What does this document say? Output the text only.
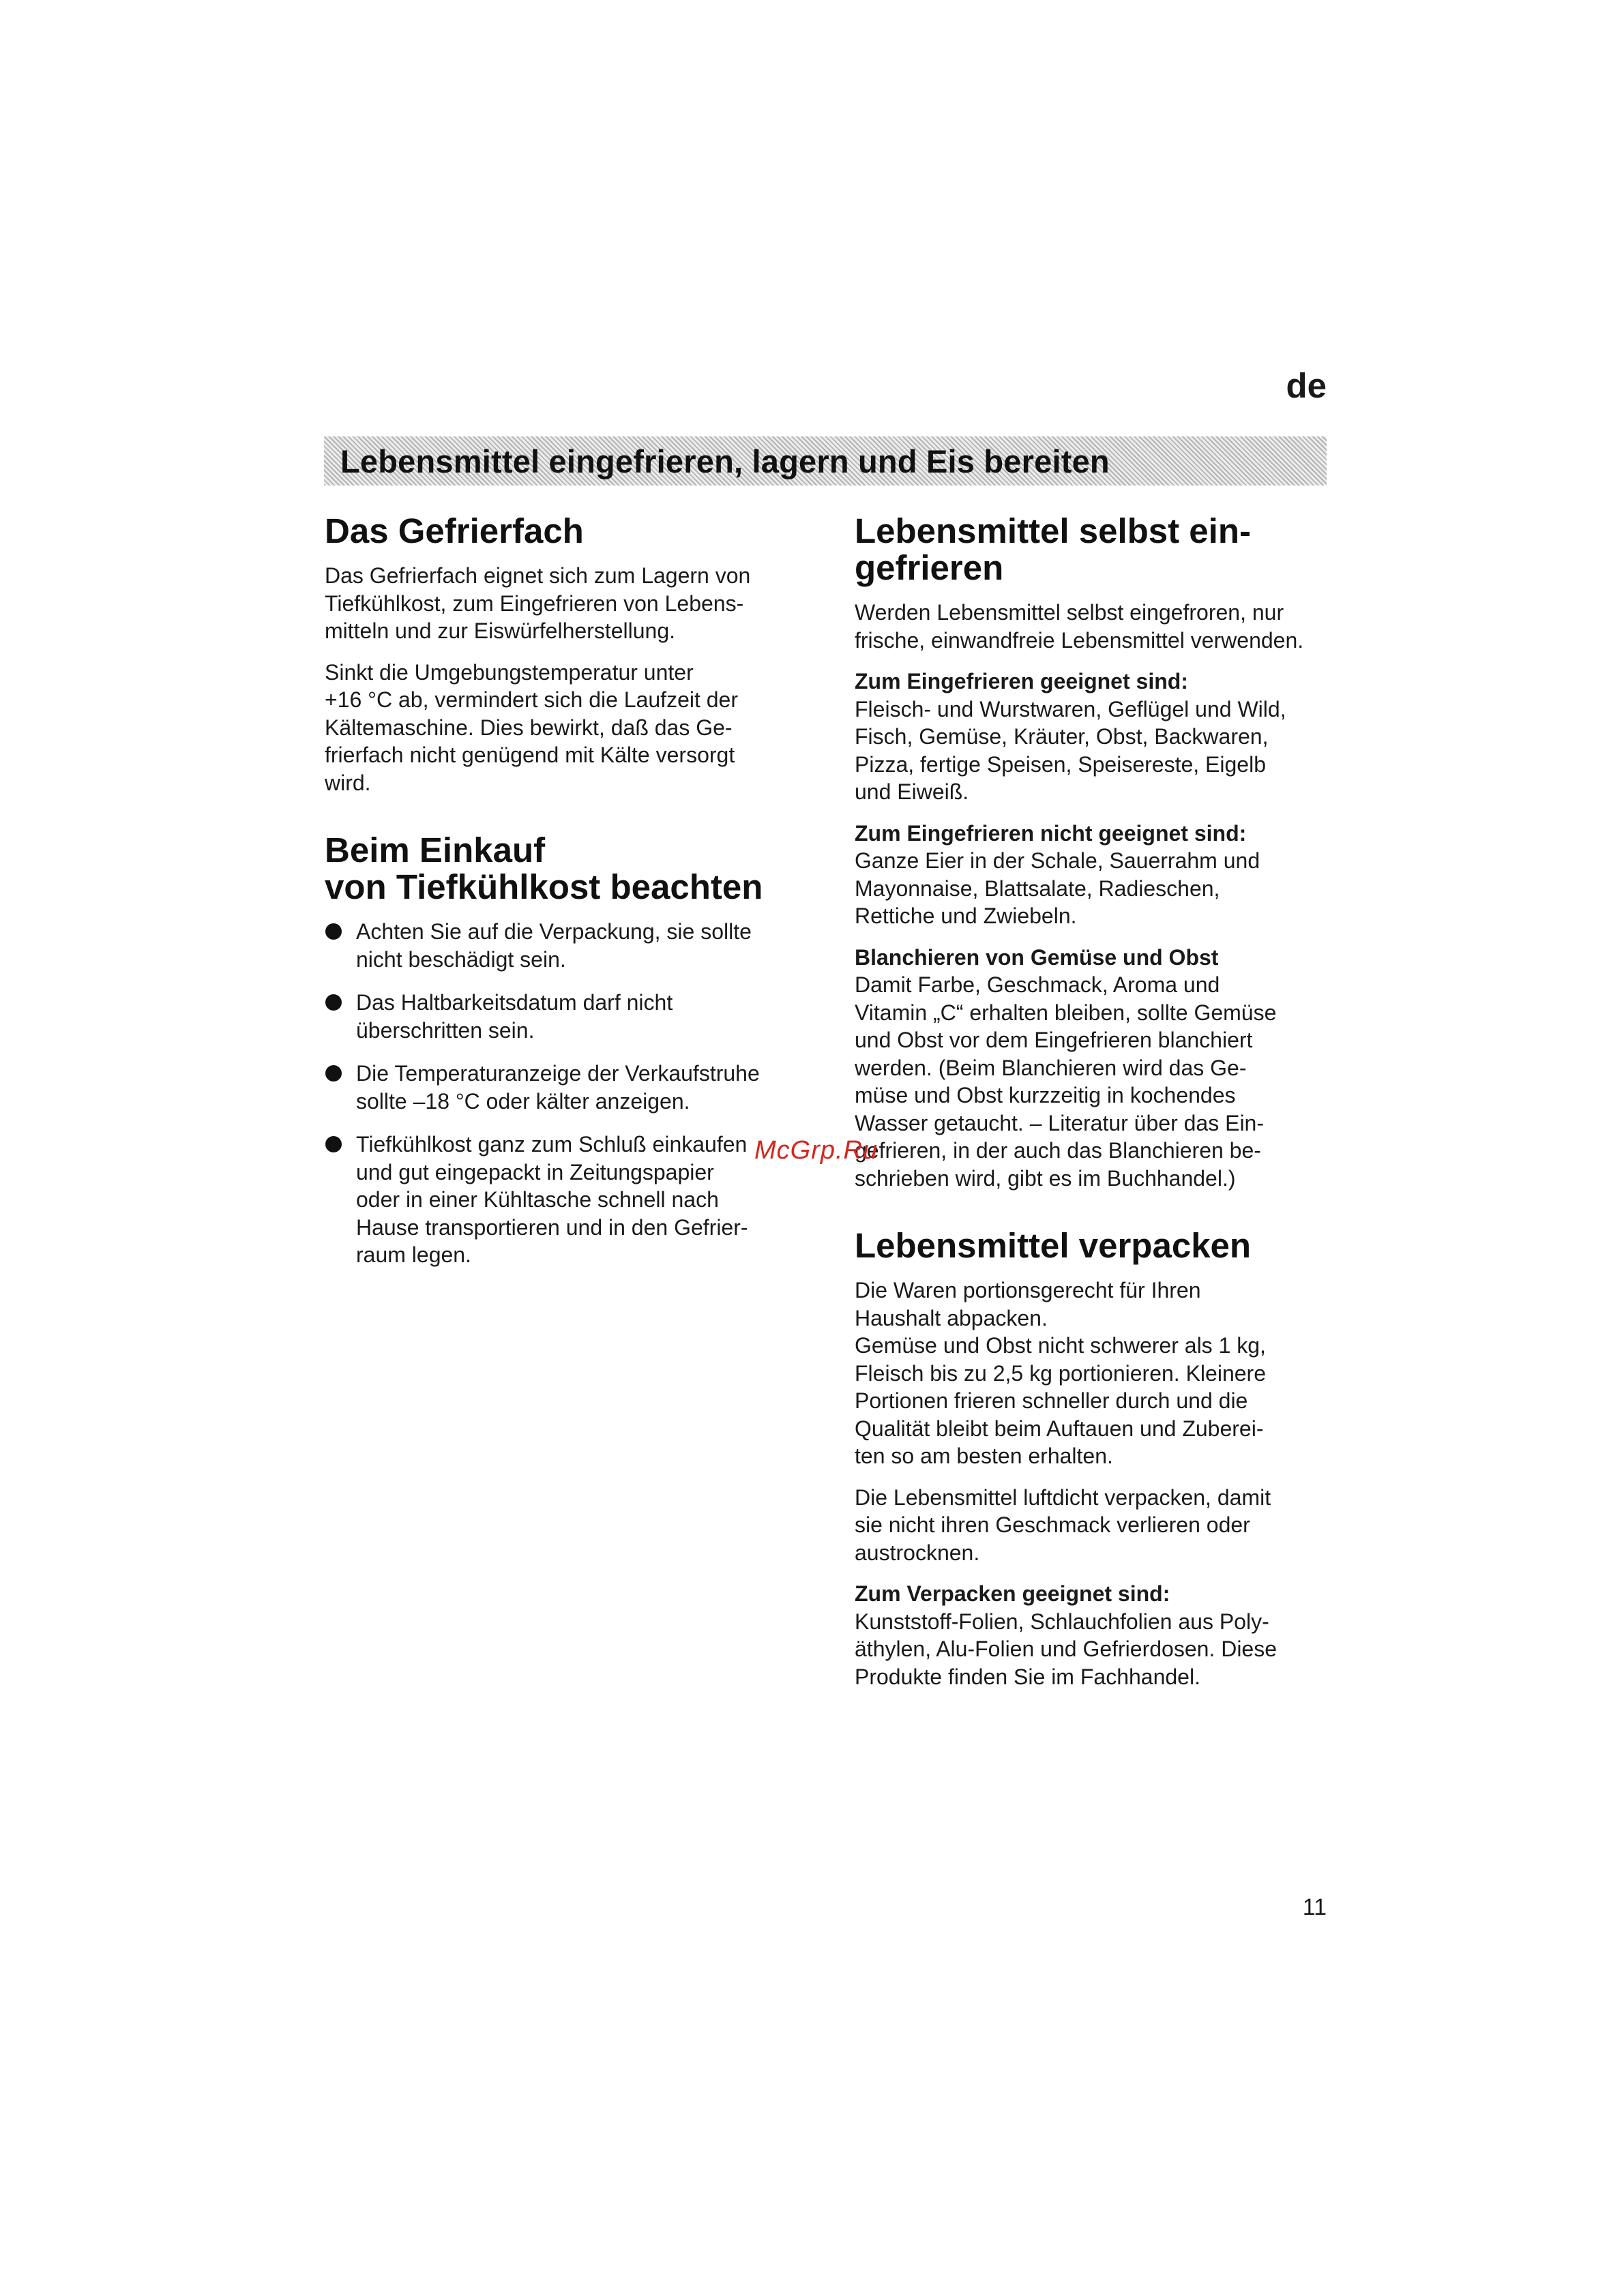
de
Lebensmittel eingefrieren, lagern und Eis bereiten
Das Gefrierfach

Das Gefrierfach eignet sich zum Lagern von
Tiefkühlkost, zum Eingefrieren von Lebens-
mitteln und zur Eiswürfelherstellung.

Sinkt die Umgebungstemperatur unter
+16 °C ab, vermindert sich die Laufzeit der
Kältemaschine. Dies bewirkt, daß das Ge-
frierfach nicht genügend mit Kälte versorgt
wird.

Beim Einkauf
von Tiefkühlkost beachten
Achten Sie auf die Verpackung, sie sollte
nicht beschädigt sein.
Das Haltbarkeitsdatum darf nicht
überschritten sein.
Die Temperaturanzeige der Verkaufstruhe
sollte –18 °C oder kälter anzeigen.
Tiefkühlkost ganz zum Schluß einkaufen
und gut eingepackt in Zeitungspapier
oder in einer Kühltasche schnell nach
Hause transportieren und in den Gefrier-
raum legen.
Lebensmittel selbst ein-
gefrieren

Werden Lebensmittel selbst eingefroren, nur
frische, einwandfreie Lebensmittel verwenden.

Zum Eingefrieren geeignet sind:
Fleisch- und Wurstwaren, Geflügel und Wild,
Fisch, Gemüse, Kräuter, Obst, Backwaren,
Pizza, fertige Speisen, Speisereste, Eigelb
und Eiweiß.

Zum Eingefrieren nicht geeignet sind:
Ganze Eier in der Schale, Sauerrahm und
Mayonnaise, Blattsalate, Radieschen,
Rettiche und Zwiebeln.

Blanchieren von Gemüse und Obst
Damit Farbe, Geschmack, Aroma und
Vitamin „C“ erhalten bleiben, sollte Gemüse
und Obst vor dem Eingefrieren blanchiert
werden. (Beim Blanchieren wird das Ge-
müse und Obst kurzzeitig in kochendes
Wasser getaucht. – Literatur über das Ein-
gefrieren, in der auch das Blanchieren be-
schrieben wird, gibt es im Buchhandel.)

Lebensmittel verpacken

Die Waren portionsgerecht für Ihren
Haushalt abpacken.
Gemüse und Obst nicht schwerer als 1 kg,
Fleisch bis zu 2,5 kg portionieren. Kleinere
Portionen frieren schneller durch und die
Qualität bleibt beim Auftauen und Zuberei-
ten so am besten erhalten.

Die Lebensmittel luftdicht verpacken, damit
sie nicht ihren Geschmack verlieren oder
austrocknen.

Zum Verpacken geeignet sind:
Kunststoff-Folien, Schlauchfolien aus Poly-
äthylen, Alu-Folien und Gefrierdosen. Diese
Produkte finden Sie im Fachhandel.

McGrp.Ru
11
